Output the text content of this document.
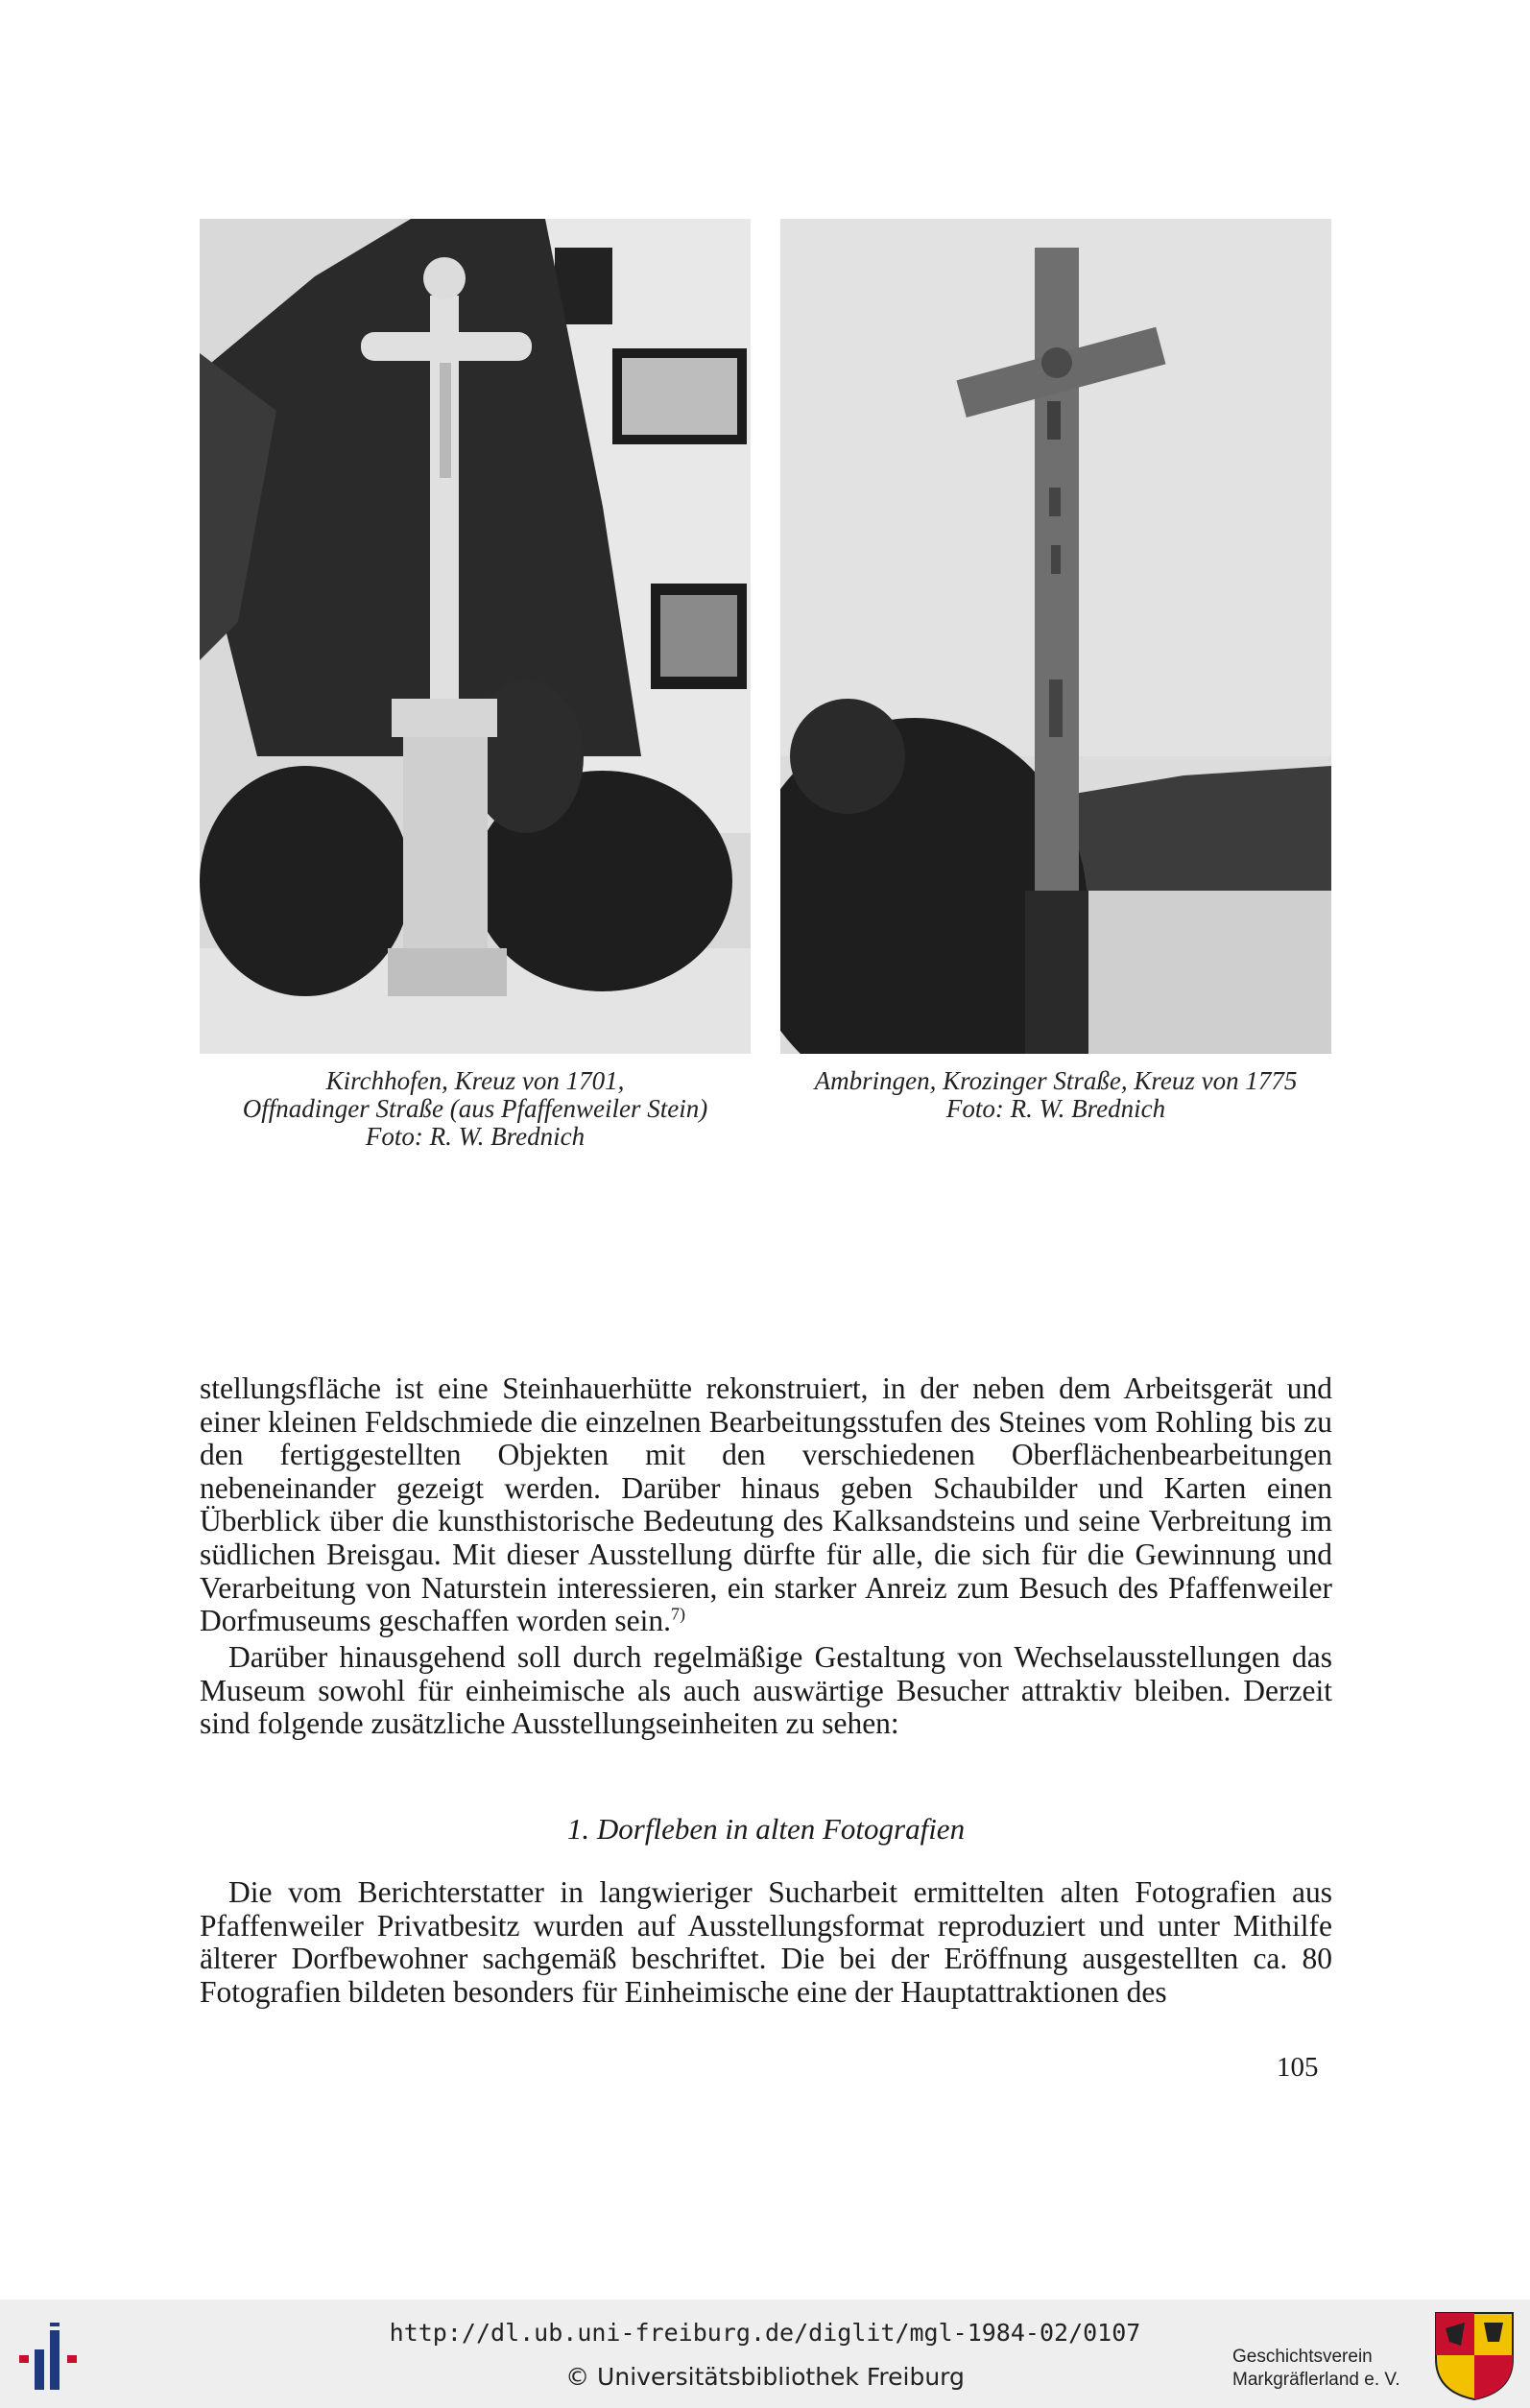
Kirchhofen, Kreuz von 1701,
Offnadinger Straße (aus Pfaffenweiler Stein)
Foto: R. W. Brednich
Ambringen, Krozinger Straße, Kreuz von 1775
Foto: R. W. Brednich

stellungsfläche ist eine Steinhauerhütte rekonstruiert, in der neben dem Arbeitsgerät und einer kleinen Feldschmiede die einzelnen Bearbeitungsstufen des Steines vom Rohling bis zu den fertiggestellten Objekten mit den verschiedenen Oberflächenbearbeitungen nebeneinander gezeigt werden. Darüber hinaus geben Schaubilder und Karten einen Überblick über die kunsthistorische Bedeutung des Kalksandsteins und seine Verbreitung im südlichen Breisgau. Mit dieser Ausstellung dürfte für alle, die sich für die Gewinnung und Verarbeitung von Naturstein interessieren, ein starker Anreiz zum Besuch des Pfaffenweiler Dorfmuseums geschaffen worden sein.$^{7)}$

Darüber hinausgehend soll durch regelmäßige Gestaltung von Wechselausstellungen das Museum sowohl für einheimische als auch auswärtige Besucher attraktiv bleiben. Derzeit sind folgende zusätzliche Ausstellungseinheiten zu sehen:

1. Dorfleben in alten Fotografien

Die vom Berichterstatter in langwieriger Sucharbeit ermittelten alten Fotografien aus Pfaffenweiler Privatbesitz wurden auf Ausstellungsformat reproduziert und unter Mithilfe älterer Dorfbewohner sachgemäß beschriftet. Die bei der Eröffnung ausgestellten ca. 80 Fotografien bildeten besonders für Einheimische eine der Hauptattraktionen des

105
http://dl.ub.uni-freiburg.de/diglit/mgl-1984-02/0107
© Universitätsbibliothek Freiburg
Geschichtsverein
Markgräflerland e. V.
